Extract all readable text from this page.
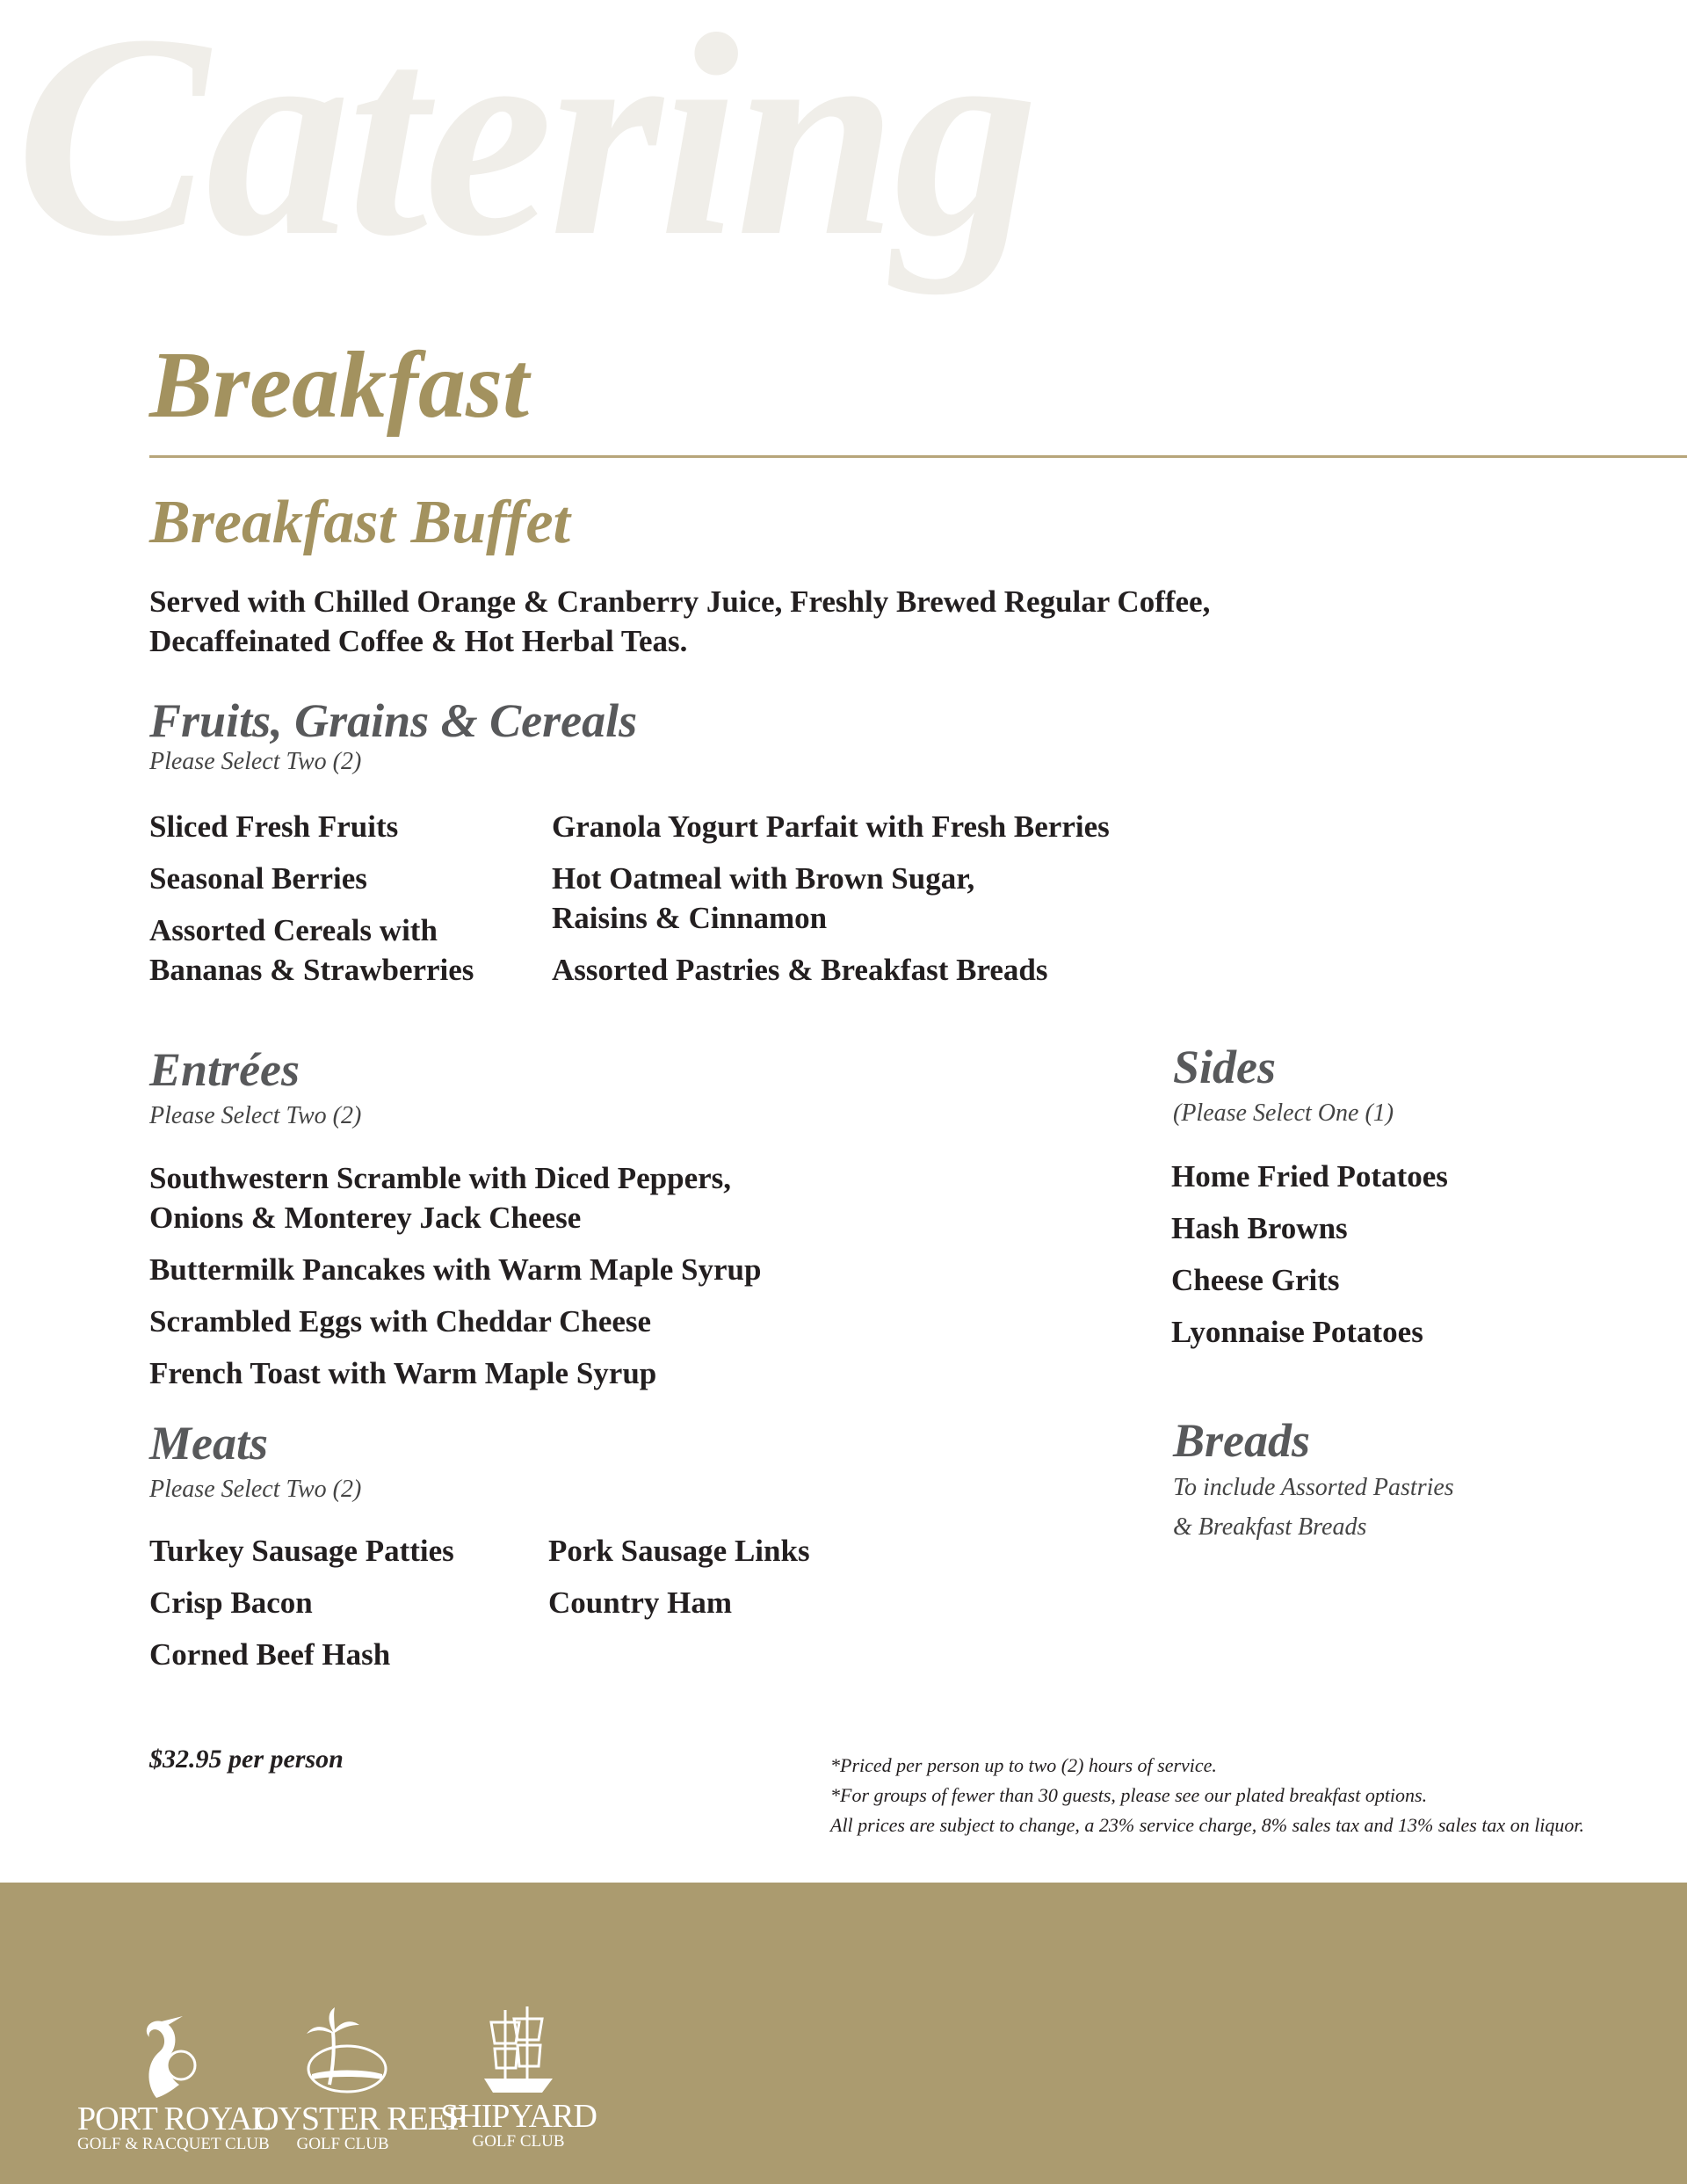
Catering
Breakfast
Breakfast Buffet
Served with Chilled Orange & Cranberry Juice, Freshly Brewed Regular Coffee,
Decaffeinated Coffee & Hot Herbal Teas.
Fruits, Grains & Cereals
Please Select Two (2)
Sliced Fresh Fruits
Seasonal Berries
Assorted Cereals with
Bananas & Strawberries
Granola Yogurt Parfait with Fresh Berries
Hot Oatmeal with Brown Sugar,
Raisins & Cinnamon
Assorted Pastries & Breakfast Breads
Entrées
Please Select Two (2)
Southwestern Scramble with Diced Peppers,
Onions & Monterey Jack Cheese
Buttermilk Pancakes with Warm Maple Syrup
Scrambled Eggs with Cheddar Cheese
French Toast with Warm Maple Syrup
Meats
Please Select Two (2)
Turkey Sausage Patties
Crisp Bacon
Corned Beef Hash
Pork Sausage Links
Country Ham
Sides
(Please Select One (1)
Home Fried Potatoes
Hash Browns
Cheese Grits
Lyonnaise Potatoes
Breads
To include Assorted Pastries
& Breakfast Breads
$32.95 per person	*Priced per person up to two (2) hours of service.
*For groups of fewer than 30 guests, please see our plated breakfast options.
All prices are subject to change, a 23% service charge, 8% sales tax and 13% sales tax on liquor.
PORT ROYAL
GOLF & RACQUET CLUB
OYSTER REEF
GOLF CLUB
SHIPYARD
GOLF CLUB
